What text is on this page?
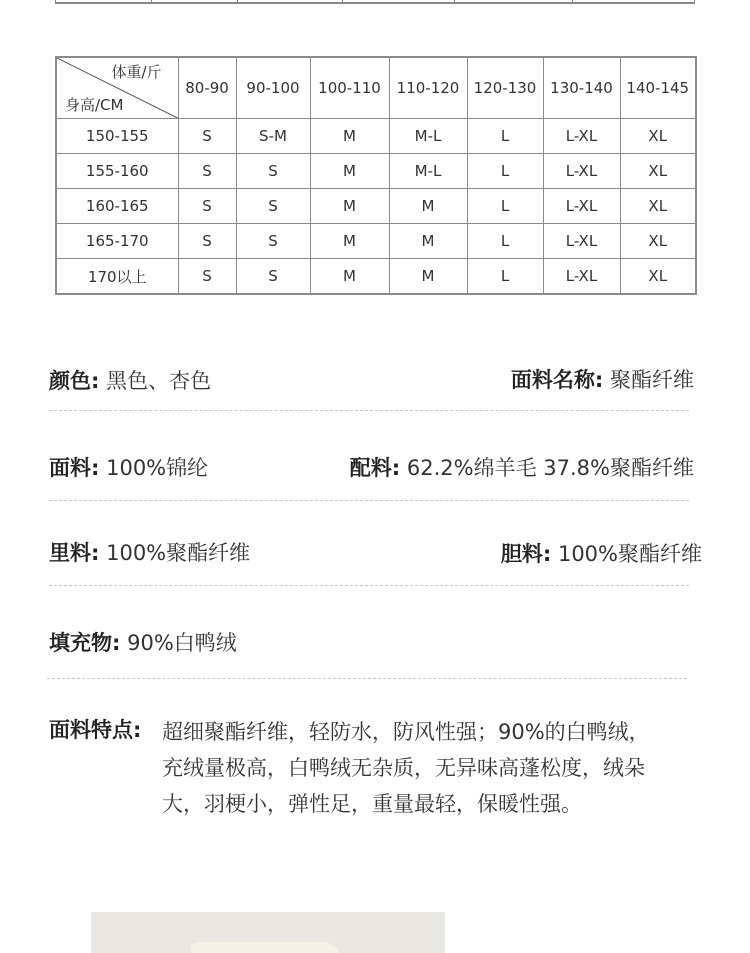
体重/斤
身高/CM	80-90	90-100	100-110	110-120	120-130	130-140	140-145
150-155	S	S-M	M	M-L	L	L-XL	XL
155-160	S	S	M	M-L	L	L-XL	XL
160-165	S	S	M	M	L	L-XL	XL
165-170	S	S	M	M	L	L-XL	XL
170以上	S	S	M	M	L	L-XL	XL
颜色: 黑色、杏色	面料名称: 聚酯纤维
面料: 100%锦纶	配料: 62.2%绵羊毛 37.8%聚酯纤维
里料: 100%聚酯纤维	胆料: 100%聚酯纤维
填充物: 90%白鸭绒
面料特点: 超细聚酯纤维，轻防水，防风性强；90%的白鸭绒，充绒量极高，白鸭绒无杂质，无异味高蓬松度，绒朵大，羽梗小，弹性足，重量最轻，保暖性强。
